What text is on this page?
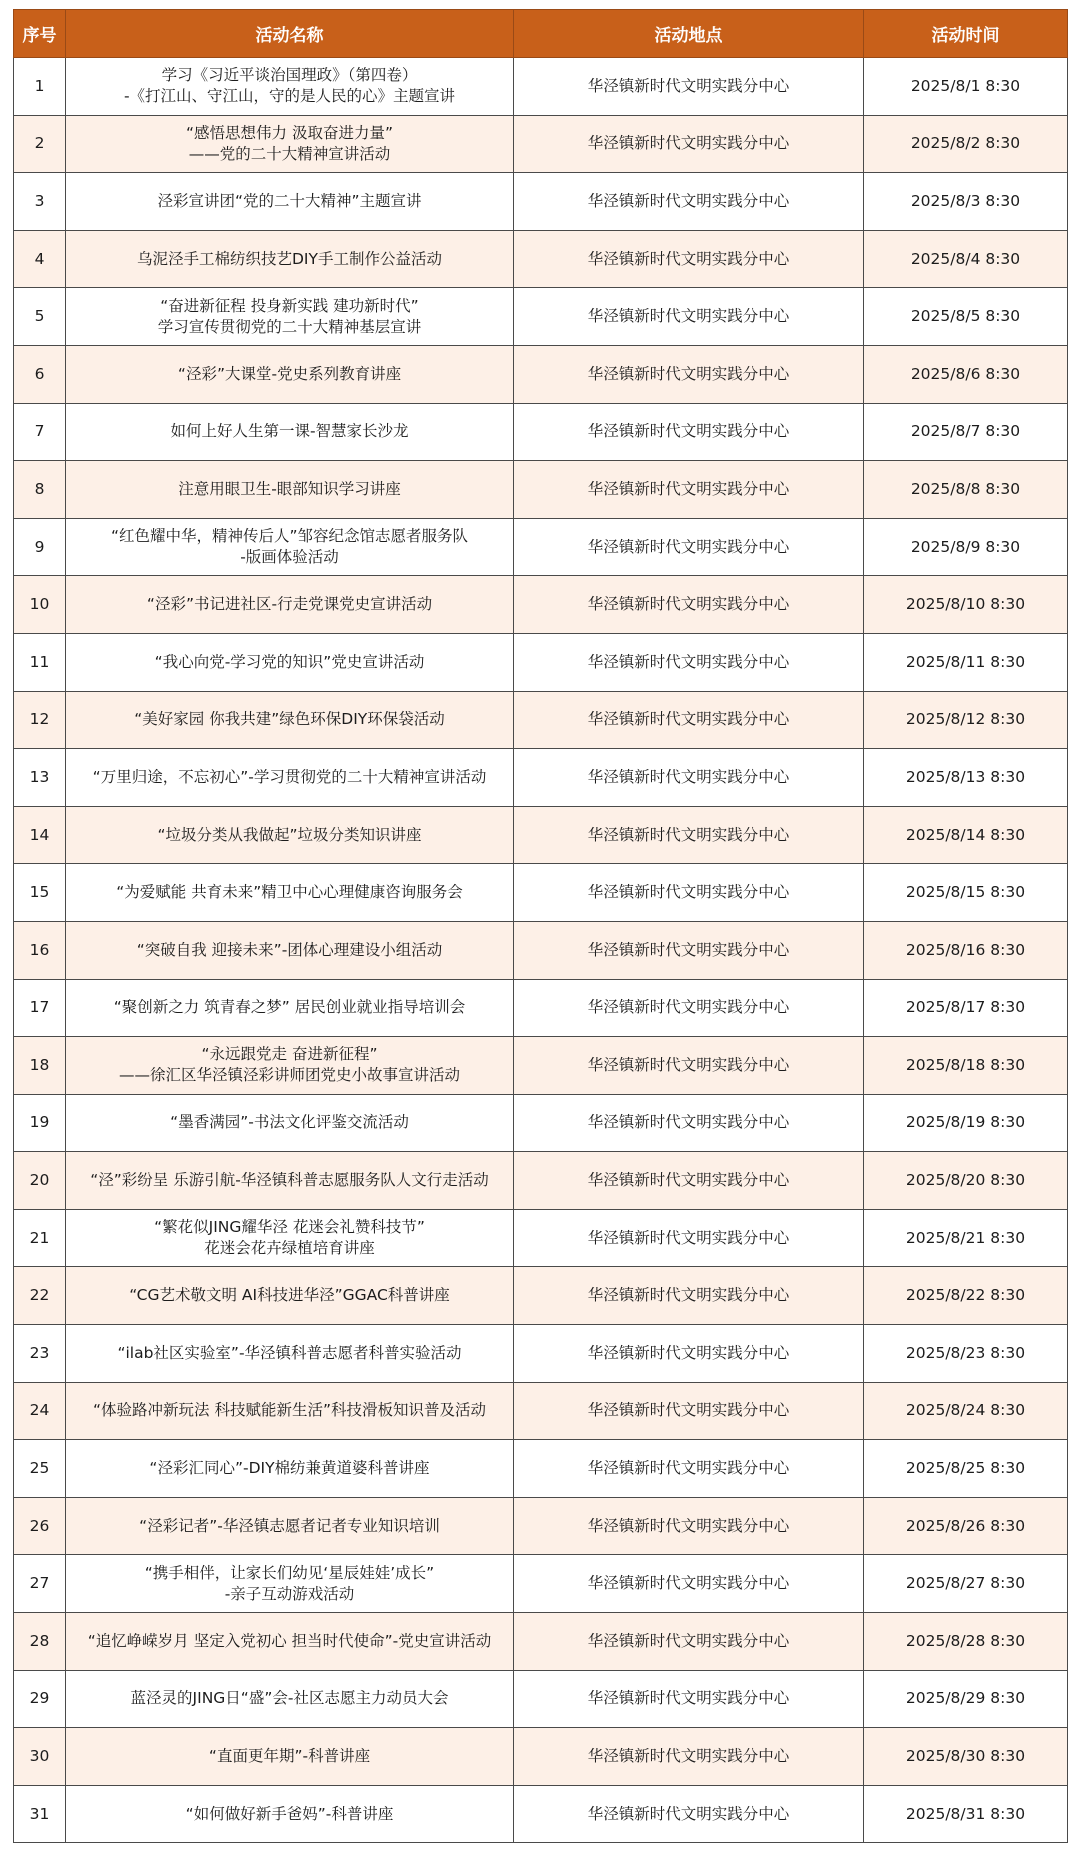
序号	活动名称	活动地点	活动时间
1	学习《习近平谈治国理政》（第四卷）
-《打江山、守江山，守的是人民的心》主题宣讲	华泾镇新时代文明实践分中心	2025/8/1 8:30
2	“感悟思想伟力 汲取奋进力量”
——党的二十大精神宣讲活动	华泾镇新时代文明实践分中心	2025/8/2 8:30
3	泾彩宣讲团“党的二十大精神”主题宣讲	华泾镇新时代文明实践分中心	2025/8/3 8:30
4	乌泥泾手工棉纺织技艺DIY手工制作公益活动	华泾镇新时代文明实践分中心	2025/8/4 8:30
5	“奋进新征程 投身新实践 建功新时代”
学习宣传贯彻党的二十大精神基层宣讲	华泾镇新时代文明实践分中心	2025/8/5 8:30
6	“泾彩”大课堂-党史系列教育讲座	华泾镇新时代文明实践分中心	2025/8/6 8:30
7	如何上好人生第一课-智慧家长沙龙	华泾镇新时代文明实践分中心	2025/8/7 8:30
8	注意用眼卫生-眼部知识学习讲座	华泾镇新时代文明实践分中心	2025/8/8 8:30
9	“红色耀中华，精神传后人”邹容纪念馆志愿者服务队
-版画体验活动	华泾镇新时代文明实践分中心	2025/8/9 8:30
10	“泾彩”书记进社区-行走党课党史宣讲活动	华泾镇新时代文明实践分中心	2025/8/10 8:30
11	“我心向党-学习党的知识”党史宣讲活动	华泾镇新时代文明实践分中心	2025/8/11 8:30
12	“美好家园 你我共建”绿色环保DIY环保袋活动	华泾镇新时代文明实践分中心	2025/8/12 8:30
13	“万里归途，不忘初心”-学习贯彻党的二十大精神宣讲活动	华泾镇新时代文明实践分中心	2025/8/13 8:30
14	“垃圾分类从我做起”垃圾分类知识讲座	华泾镇新时代文明实践分中心	2025/8/14 8:30
15	“为爱赋能 共育未来”精卫中心心理健康咨询服务会	华泾镇新时代文明实践分中心	2025/8/15 8:30
16	“突破自我 迎接未来”-团体心理建设小组活动	华泾镇新时代文明实践分中心	2025/8/16 8:30
17	“聚创新之力 筑青春之梦” 居民创业就业指导培训会	华泾镇新时代文明实践分中心	2025/8/17 8:30
18	“永远跟党走 奋进新征程”
——徐汇区华泾镇泾彩讲师团党史小故事宣讲活动	华泾镇新时代文明实践分中心	2025/8/18 8:30
19	“墨香满园”-书法文化评鉴交流活动	华泾镇新时代文明实践分中心	2025/8/19 8:30
20	“泾”彩纷呈 乐游引航-华泾镇科普志愿服务队人文行走活动	华泾镇新时代文明实践分中心	2025/8/20 8:30
21	“繁花似JING耀华泾 花迷会礼赞科技节”
花迷会花卉绿植培育讲座	华泾镇新时代文明实践分中心	2025/8/21 8:30
22	“CG艺术敬文明 AI科技进华泾”GGAC科普讲座	华泾镇新时代文明实践分中心	2025/8/22 8:30
23	“ilab社区实验室”-华泾镇科普志愿者科普实验活动	华泾镇新时代文明实践分中心	2025/8/23 8:30
24	“体验路冲新玩法 科技赋能新生活”科技滑板知识普及活动	华泾镇新时代文明实践分中心	2025/8/24 8:30
25	“泾彩汇同心”-DIY棉纺兼黄道婆科普讲座	华泾镇新时代文明实践分中心	2025/8/25 8:30
26	“泾彩记者”-华泾镇志愿者记者专业知识培训	华泾镇新时代文明实践分中心	2025/8/26 8:30
27	“携手相伴，让家长们幼见‘星辰娃娃’成长”
-亲子互动游戏活动	华泾镇新时代文明实践分中心	2025/8/27 8:30
28	“追忆峥嵘岁月 坚定入党初心 担当时代使命”-党史宣讲活动	华泾镇新时代文明实践分中心	2025/8/28 8:30
29	蓝泾灵的JING日“盛”会-社区志愿主力动员大会	华泾镇新时代文明实践分中心	2025/8/29 8:30
30	“直面更年期”-科普讲座	华泾镇新时代文明实践分中心	2025/8/30 8:30
31	“如何做好新手爸妈”-科普讲座	华泾镇新时代文明实践分中心	2025/8/31 8:30
